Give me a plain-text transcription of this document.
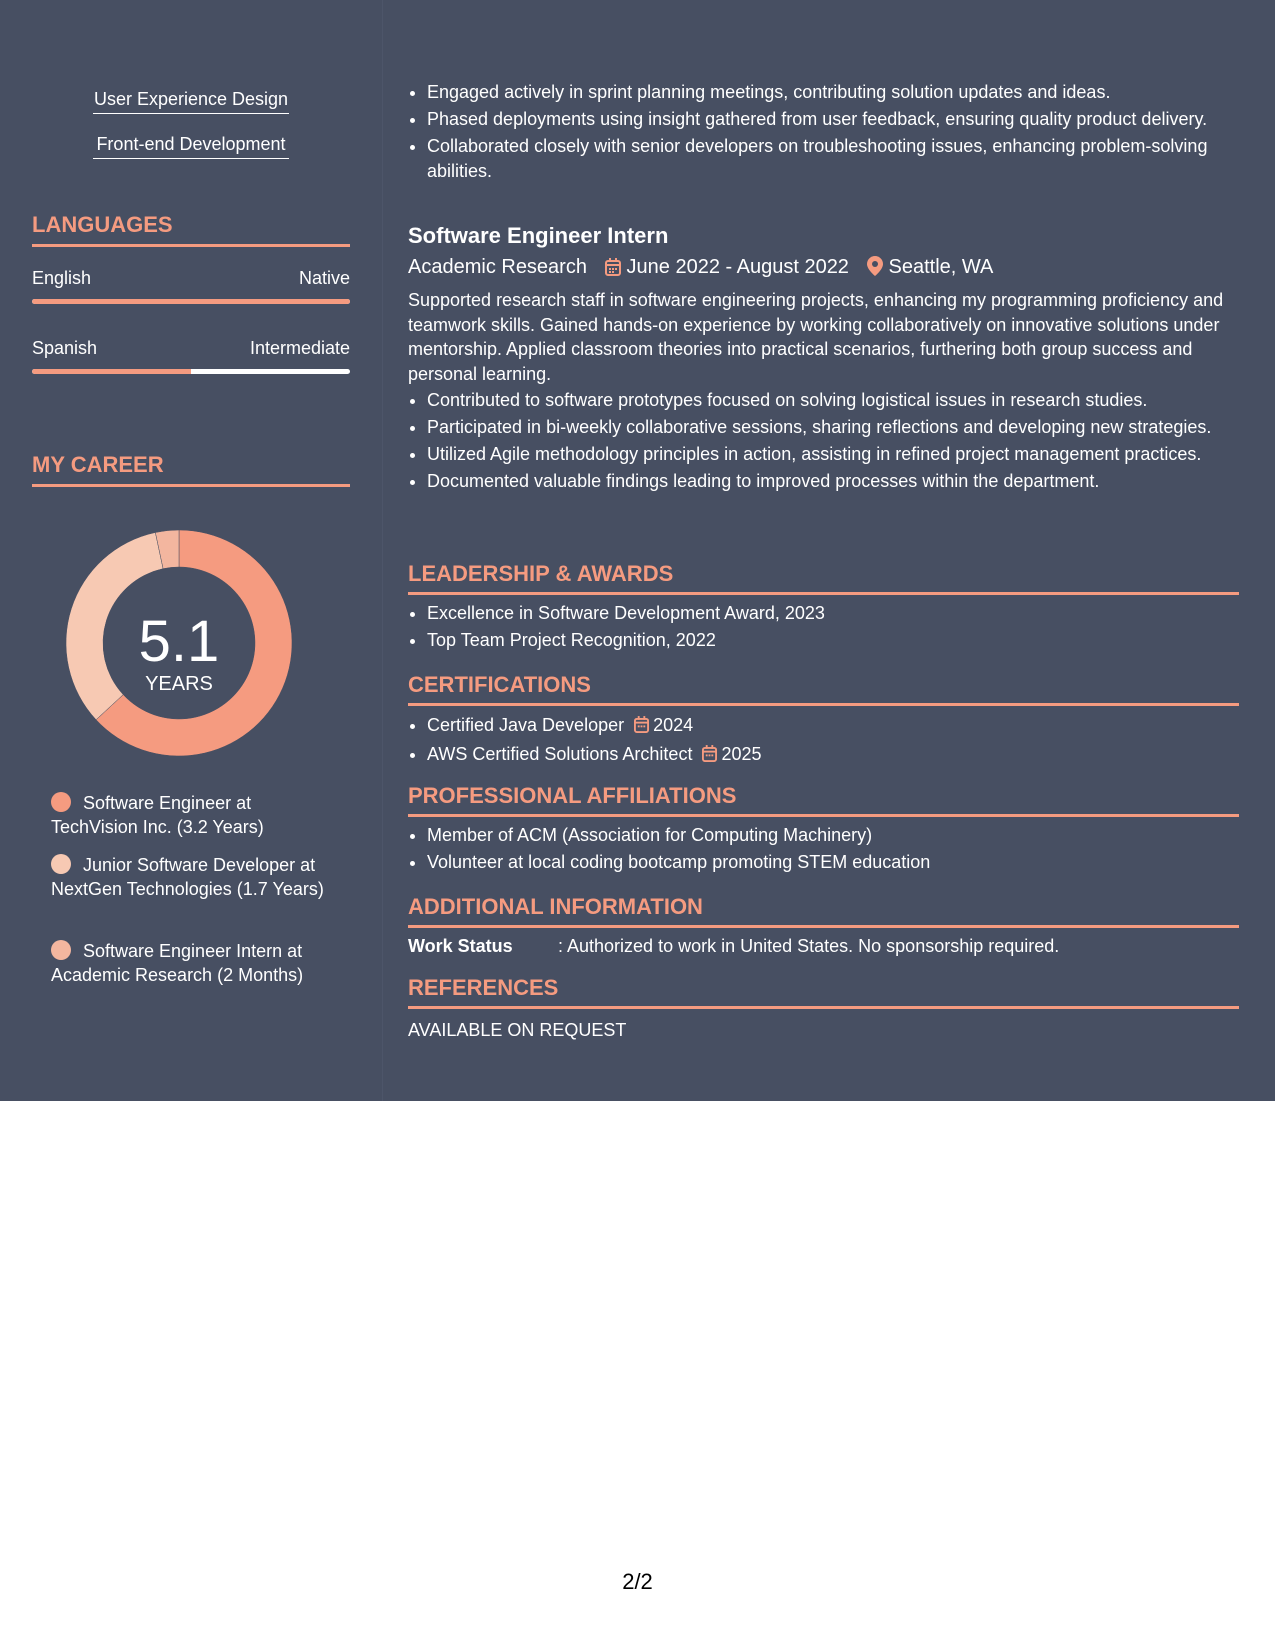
User Experience Design
Front-end Development
LANGUAGES
English	Native
Spanish	Intermediate
MY CAREER
5.1
YEARS
Software Engineer at TechVision Inc. (3.2 Years)
Junior Software Developer at NextGen Technologies (1.7 Years)
Software Engineer Intern at Academic Research (2 Months)
• Engaged actively in sprint planning meetings, contributing solution updates and ideas.
• Phased deployments using insight gathered from user feedback, ensuring quality product delivery.
• Collaborated closely with senior developers on troubleshooting issues, enhancing problem-solving abilities.
Software Engineer Intern
Academic Research June 2022 - August 2022 Seattle, WA
Supported research staff in software engineering projects, enhancing my programming proficiency and teamwork skills. Gained hands-on experience by working collaboratively on innovative solutions under mentorship. Applied classroom theories into practical scenarios, furthering both group success and personal learning.
• Contributed to software prototypes focused on solving logistical issues in research studies.
• Participated in bi-weekly collaborative sessions, sharing reflections and developing new strategies.
• Utilized Agile methodology principles in action, assisting in refined project management practices.
• Documented valuable findings leading to improved processes within the department.
LEADERSHIP & AWARDS
• Excellence in Software Development Award, 2023
• Top Team Project Recognition, 2022
CERTIFICATIONS
• Certified Java Developer 2024
• AWS Certified Solutions Architect 2025
PROFESSIONAL AFFILIATIONS
• Member of ACM (Association for Computing Machinery)
• Volunteer at local coding bootcamp promoting STEM education
ADDITIONAL INFORMATION
Work Status	: Authorized to work in United States. No sponsorship required.
REFERENCES
AVAILABLE ON REQUEST
2/2
